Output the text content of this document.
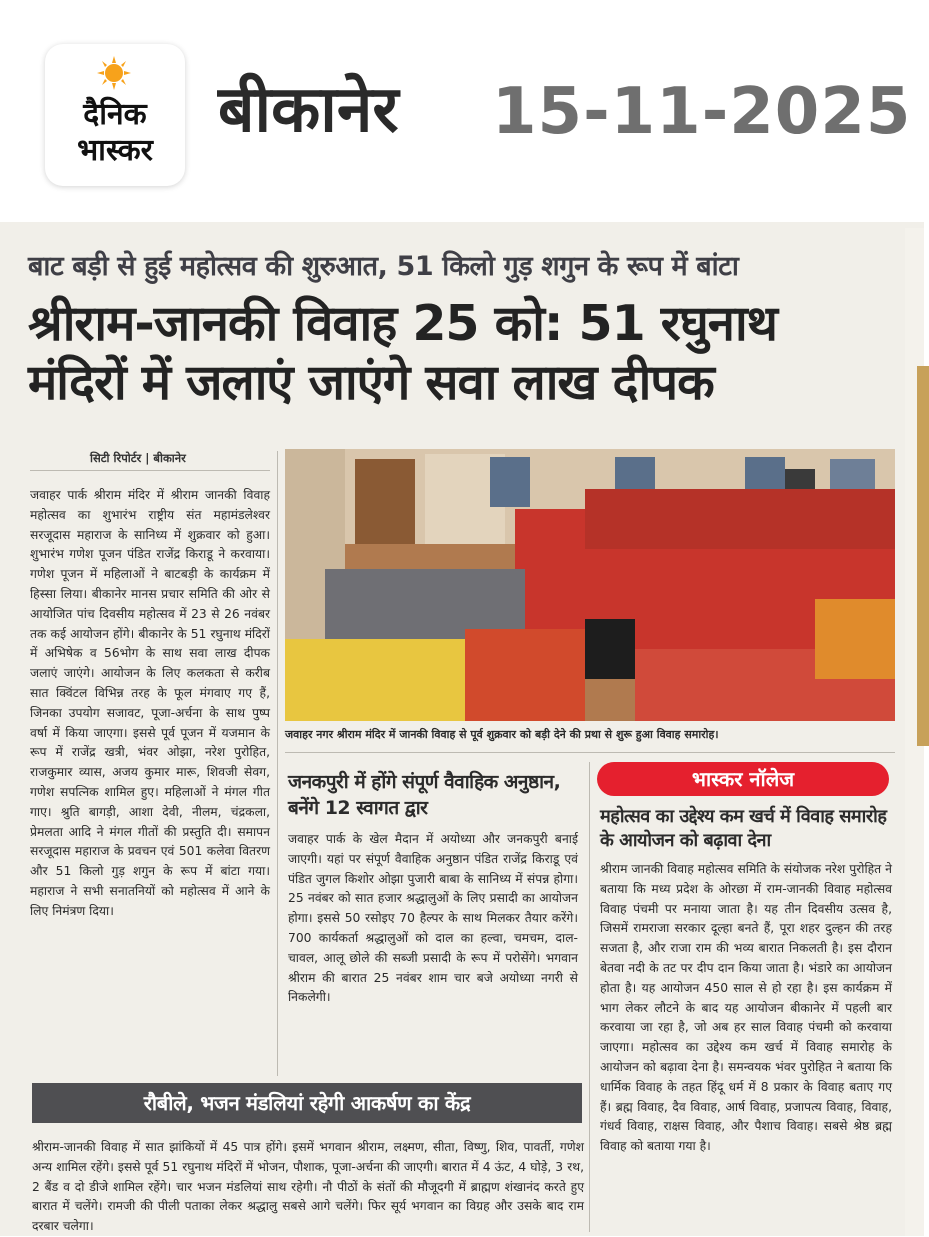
दैनिक
भास्कर
बीकानेर 15-11-2025
बाट बड़ी से हुई महोत्सव की शुरुआत, 51 किलो गुड़ शगुन के रूप में बांटा
श्रीराम-जानकी विवाह 25 को: 51 रघुनाथ मंदिरों में जलाएं जाएंगे सवा लाख दीपक
सिटी रिपोर्टर | बीकानेर
जवाहर पार्क श्रीराम मंदिर में श्रीराम जानकी विवाह महोत्सव का शुभारंभ राष्ट्रीय संत महामंडलेश्वर सरजूदास महाराज के सानिध्य में शुक्रवार को हुआ। शुभारंभ गणेश पूजन पंडित राजेंद्र किराडू ने करवाया। गणेश पूजन में महिलाओं ने बाटबड़ी के कार्यक्रम में हिस्सा लिया। बीकानेर मानस प्रचार समिति की ओर से आयोजित पांच दिवसीय महोत्सव में 23 से 26 नवंबर तक कई आयोजन होंगे। बीकानेर के 51 रघुनाथ मंदिरों में अभिषेक व 56भोग के साथ सवा लाख दीपक जलाएं जाएंगे। आयोजन के लिए कलकता से करीब सात क्विंटल विभिन्न तरह के फूल मंगवाए गए हैं, जिनका उपयोग सजावट, पूजा-अर्चना के साथ पुष्प वर्षा में किया जाएगा। इससे पूर्व पूजन में यजमान के रूप में राजेंद्र खत्री, भंवर ओझा, नरेश पुरोहित, राजकुमार व्यास, अजय कुमार मारू, शिवजी सेवग, गणेश सपत्निक शामिल हुए। महिलाओं ने मंगल गीत गाए। श्रुति बागड़ी, आशा देवी, नीलम, चंद्रकला, प्रेमलता आदि ने मंगल गीतों की प्रस्तुति दी। समापन सरजूदास महाराज के प्रवचन एवं 501 कलेवा वितरण और 51 किलो गुड़ शगुन के रूप में बांटा गया। महाराज ने सभी सनातनियों को महोत्सव में आने के लिए निमंत्रण दिया।
जवाहर नगर श्रीराम मंदिर में जानकी विवाह से पूर्व शुक्रवार को बड़ी देने की प्रथा से शुरू हुआ विवाह समारोह।
जनकपुरी में होंगे संपूर्ण वैवाहिक अनुष्ठान, बनेंगे 12 स्वागत द्वार
जवाहर पार्क के खेल मैदान में अयोध्या और जनकपुरी बनाई जाएगी। यहां पर संपूर्ण वैवाहिक अनुष्ठान पंडित राजेंद्र किराडू एवं पंडित जुगल किशोर ओझा पुजारी बाबा के सानिध्य में संपन्न होगा। 25 नवंबर को सात हजार श्रद्धालुओं के लिए प्रसादी का आयोजन होगा। इससे 50 रसोइए 70 हैल्पर के साथ मिलकर तैयार करेंगे। 700 कार्यकर्ता श्रद्धालुओं को दाल का हल्वा, चमचम, दाल-चावल, आलू छोले की सब्जी प्रसादी के रूप में परोसेंगे। भगवान श्रीराम की बारात 25 नवंबर शाम चार बजे अयोध्या नगरी से निकलेगी।
भास्कर नॉलेज
महोत्सव का उद्देश्य कम खर्च में विवाह समारोह के आयोजन को बढ़ावा देना
श्रीराम जानकी विवाह महोत्सव समिति के संयोजक नरेश पुरोहित ने बताया कि मध्य प्रदेश के ओरछा में राम-जानकी विवाह महोत्सव विवाह पंचमी पर मनाया जाता है। यह तीन दिवसीय उत्सव है, जिसमें रामराजा सरकार दूल्हा बनते हैं, पूरा शहर दुल्हन की तरह सजता है, और राजा राम की भव्य बारात निकलती है। इस दौरान बेतवा नदी के तट पर दीप दान किया जाता है। भंडारे का आयोजन होता है। यह आयोजन 450 साल से हो रहा है। इस कार्यक्रम में भाग लेकर लौटने के बाद यह आयोजन बीकानेर में पहली बार करवाया जा रहा है, जो अब हर साल विवाह पंचमी को करवाया जाएगा। महोत्सव का उद्देश्य कम खर्च में विवाह समारोह के आयोजन को बढ़ावा देना है। समन्वयक भंवर पुरोहित ने बताया कि धार्मिक विवाह के तहत हिंदू धर्म में 8 प्रकार के विवाह बताए गए हैं। ब्रह्म विवाह, दैव विवाह, आर्ष विवाह, प्रजापत्य विवाह, विवाह, गंधर्व विवाह, राक्षस विवाह, और पैशाच विवाह। सबसे श्रेष्ठ ब्रह्म विवाह को बताया गया है।
रौबीले, भजन मंडलियां रहेगी आकर्षण का केंद्र
श्रीराम-जानकी विवाह में सात झांकियों में 45 पात्र होंगे। इसमें भगवान श्रीराम, लक्ष्मण, सीता, विष्णु, शिव, पावर्ती, गणेश अन्य शामिल रहेंगे। इससे पूर्व 51 रघुनाथ मंदिरों में भोजन, पौशाक, पूजा-अर्चना की जाएगी। बारात में 4 ऊंट, 4 घोड़े, 3 रथ, 2 बैंड व दो डीजे शामिल रहेंगे। चार भजन मंडलियां साथ रहेगी। नौ पीठों के संतों की मौजूदगी में ब्राह्मण शंखानंद करते हुए बारात में चलेंगे। रामजी की पीली पताका लेकर श्रद्धालु सबसे आगे चलेंगे। फिर सूर्य भगवान का विग्रह और उसके बाद राम दरबार चलेगा।
